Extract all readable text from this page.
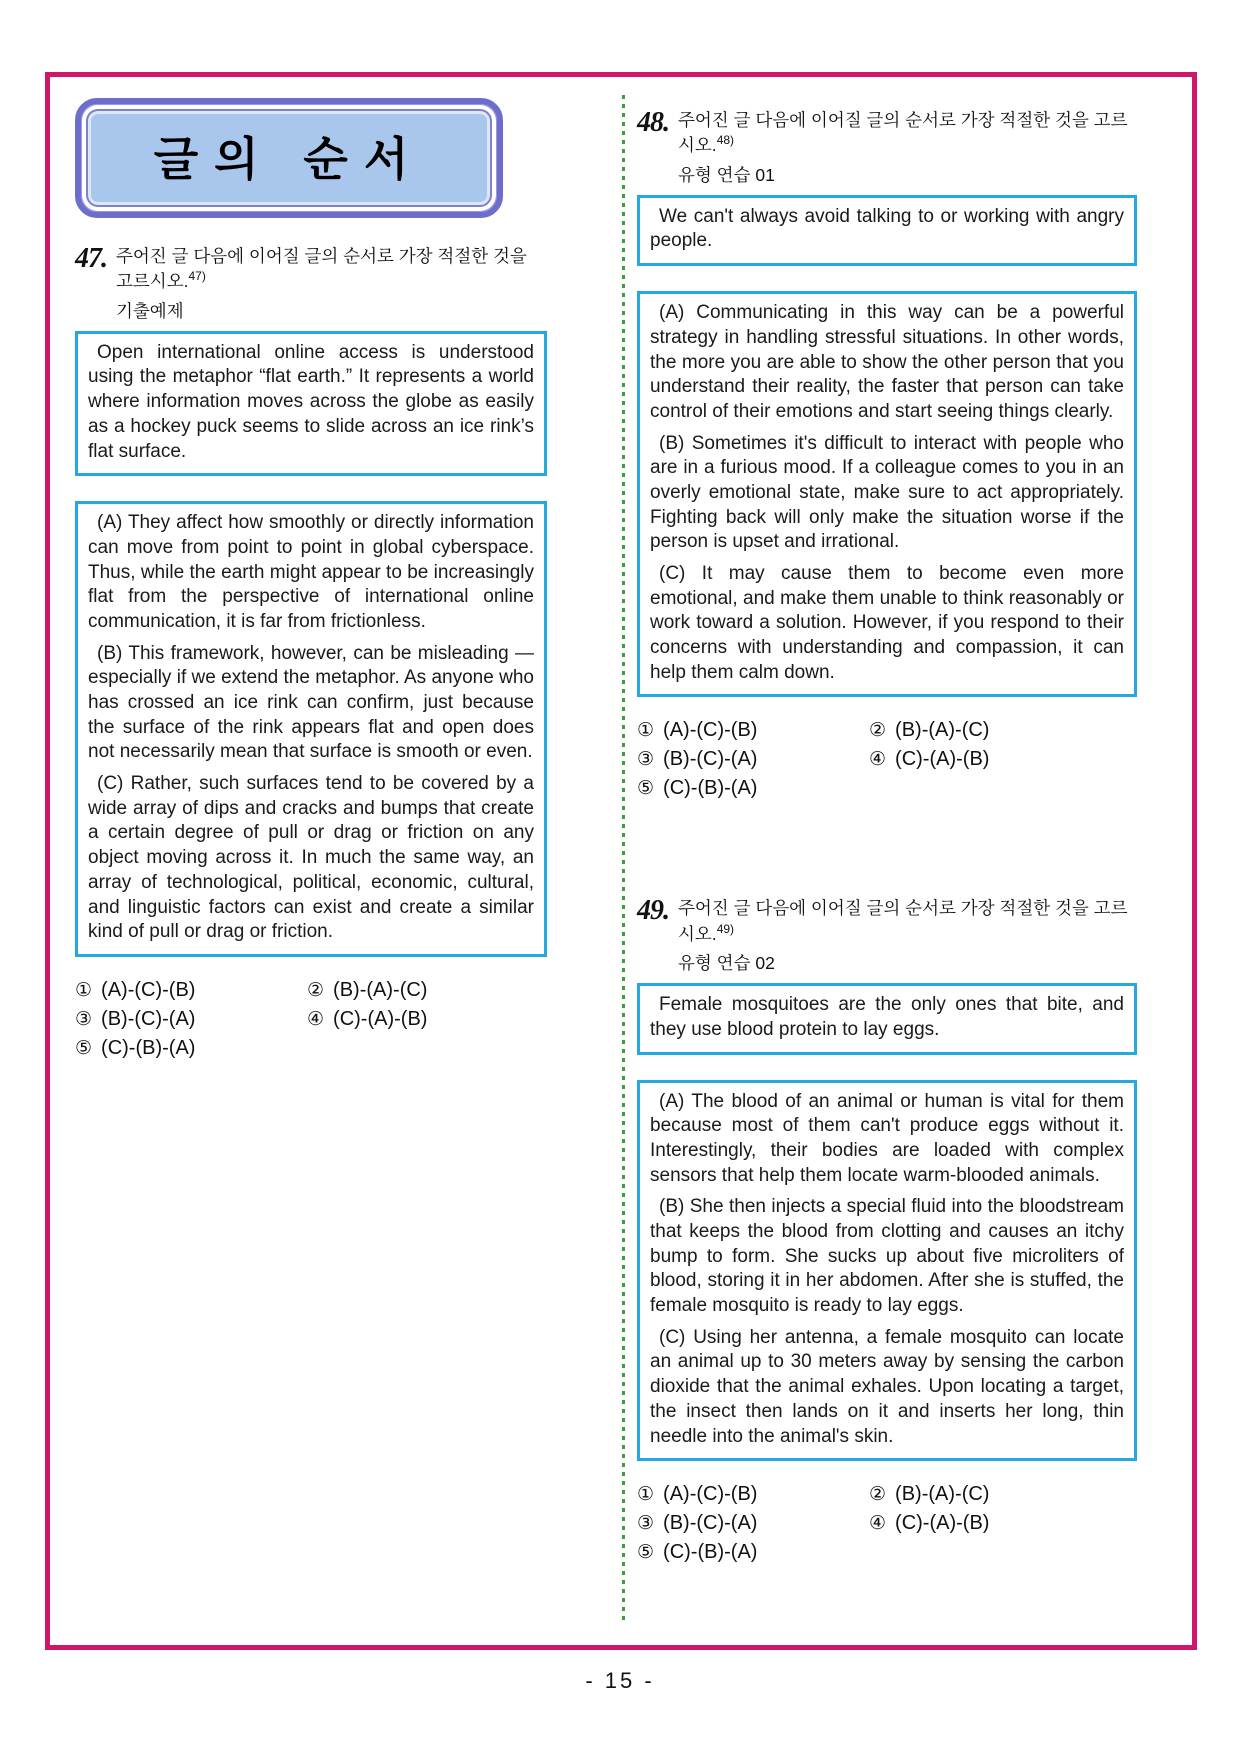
글의 순서
47. 주어진 글 다음에 이어질 글의 순서로 가장 적절한 것을 고르시오.$^{47)}$
기출예제

Open international online access is understood using the metaphor “flat earth.” It represents a world where information moves across the globe as easily as a hockey puck seems to slide across an ice rink’s flat surface.

(A) They affect how smoothly or directly information can move from point to point in global cyberspace. Thus, while the earth might appear to be increasingly flat from the perspective of international online communication, it is far from frictionless.

(B) This framework, however, can be misleading — especially if we extend the metaphor. As anyone who has crossed an ice rink can confirm, just because the surface of the rink appears flat and open does not necessarily mean that surface is smooth or even.

(C) Rather, such surfaces tend to be covered by a wide array of dips and cracks and bumps that create a certain degree of pull or drag or friction on any object moving across it. In much the same way, an array of technological, political, economic, cultural, and linguistic factors can exist and create a similar kind of pull or drag or friction.

① (A)-(C)-(B)	② (B)-(A)-(C)
③ (B)-(C)-(A)	④ (C)-(A)-(B)
⑤ (C)-(B)-(A)
48. 주어진 글 다음에 이어질 글의 순서로 가장 적절한 것을 고르시오.$^{48)}$
유형 연습 01

We can't always avoid talking to or working with angry people.

(A) Communicating in this way can be a powerful strategy in handling stressful situations. In other words, the more you are able to show the other person that you understand their reality, the faster that person can take control of their emotions and start seeing things clearly.

(B) Sometimes it's difficult to interact with people who are in a furious mood. If a colleague comes to you in an overly emotional state, make sure to act appropriately. Fighting back will only make the situation worse if the person is upset and irrational.

(C) It may cause them to become even more emotional, and make them unable to think reasonably or work toward a solution. However, if you respond to their concerns with understanding and compassion, it can help them calm down.

① (A)-(C)-(B)	② (B)-(A)-(C)
③ (B)-(C)-(A)	④ (C)-(A)-(B)
⑤ (C)-(B)-(A)
49. 주어진 글 다음에 이어질 글의 순서로 가장 적절한 것을 고르시오.$^{49)}$
유형 연습 02

Female mosquitoes are the only ones that bite, and they use blood protein to lay eggs.

(A) The blood of an animal or human is vital for them because most of them can't produce eggs without it. Interestingly, their bodies are loaded with complex sensors that help them locate warm-blooded animals.

(B) She then injects a special fluid into the bloodstream that keeps the blood from clotting and causes an itchy bump to form. She sucks up about five microliters of blood, storing it in her abdomen. After she is stuffed, the female mosquito is ready to lay eggs.

(C) Using her antenna, a female mosquito can locate an animal up to 30 meters away by sensing the carbon dioxide that the animal exhales. Upon locating a target, the insect then lands on it and inserts her long, thin needle into the animal's skin.

① (A)-(C)-(B)	② (B)-(A)-(C)
③ (B)-(C)-(A)	④ (C)-(A)-(B)
⑤ (C)-(B)-(A)
- 15 -
